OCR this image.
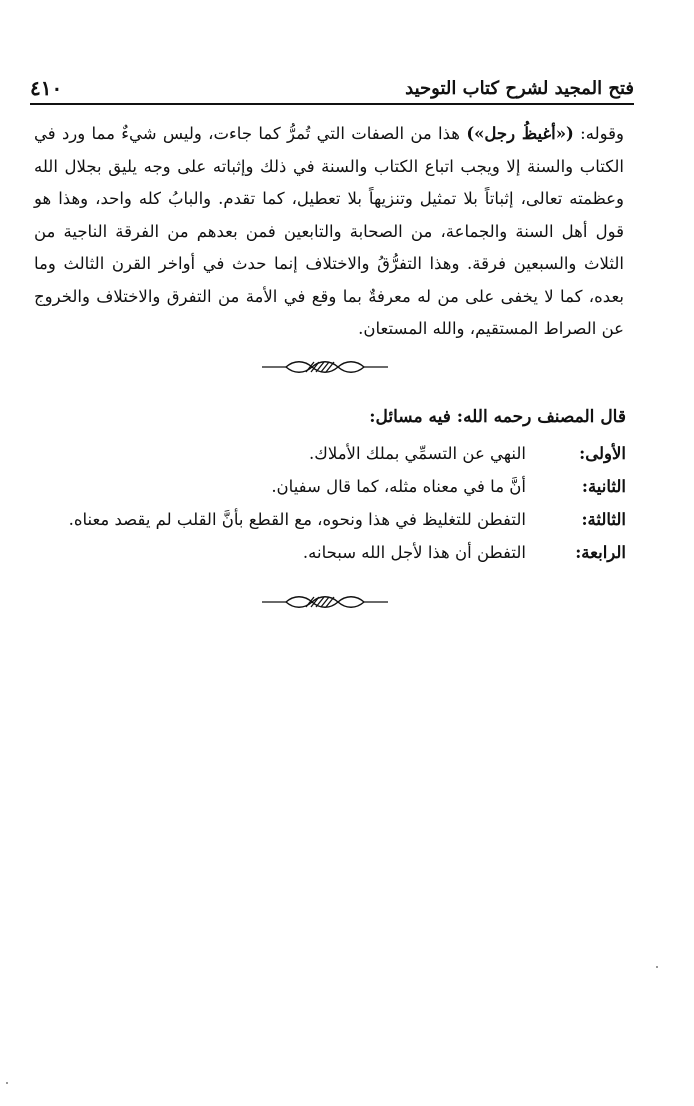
فتح المجيد لشرح كتاب التوحيد
٤١٠

وقوله: («أغيظُ رجل») هذا من الصفات التي تُمرُّ كما جاءت، وليس شيءٌ مما ورد في الكتاب والسنة إلا ويجب اتباع الكتاب والسنة في ذلك وإثباته على وجه يليق بجلال الله وعظمته تعالى، إثباتاً بلا تمثيل وتنزيهاً بلا تعطيل، كما تقدم. والبابُ كله واحد، وهذا هو قول أهل السنة والجماعة، من الصحابة والتابعين فمن بعدهم من الفرقة الناجية من الثلاث والسبعين فرقة. وهذا التفرُّقُ والاختلاف إنما حدث في أواخر القرن الثالث وما بعده، كما لا يخفى على من له معرفةٌ بما وقع في الأمة من التفرق والاختلاف والخروج عن الصراط المستقيم، والله المستعان.

قال المصنف رحمه الله: فيه مسائل:
الأولى:
النهي عن التسمِّي بملك الأملاك.
الثانية:
أنَّ ما في معناه مثله، كما قال سفيان.
الثالثة:
التفطن للتغليظ في هذا ونحوه، مع القطع بأنَّ القلب لم يقصد معناه.
الرابعة:
التفطن أن هذا لأجل الله سبحانه.
